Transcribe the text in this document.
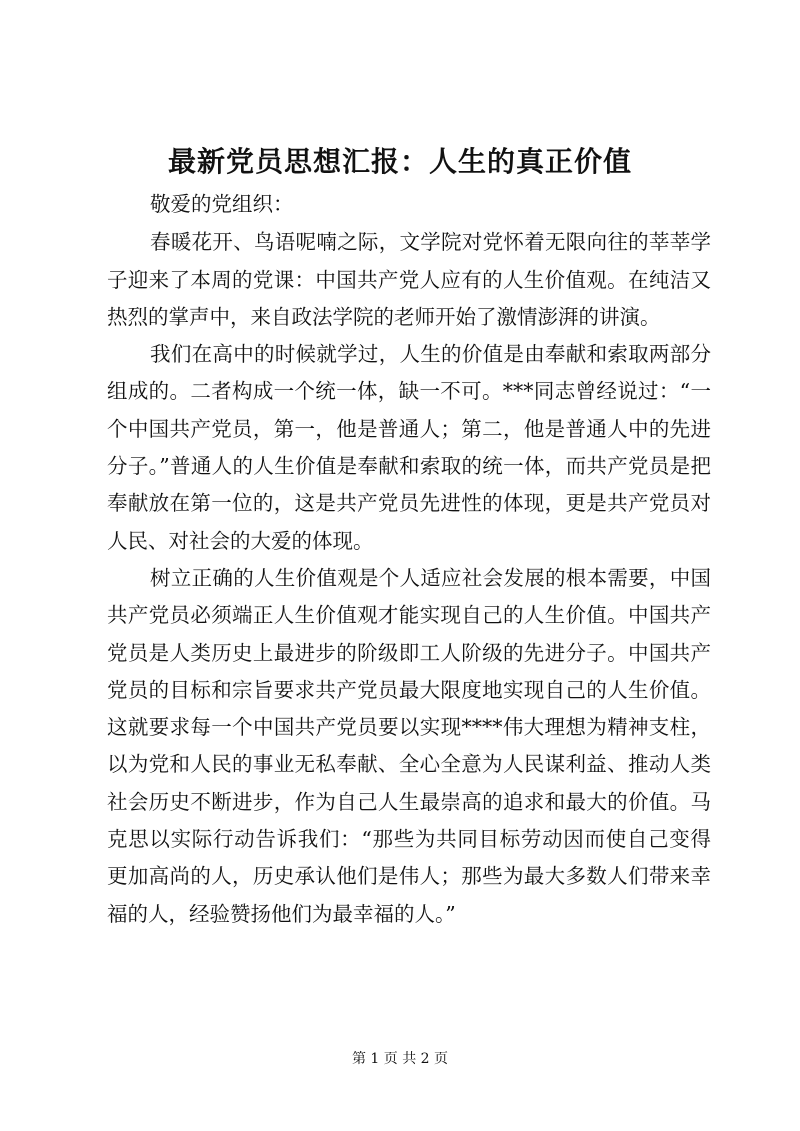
最新党员思想汇报：人生的真正价值

敬爱的党组织：

春暖花开、鸟语呢喃之际，文学院对党怀着无限向往的莘莘学子迎来了本周的党课：中国共产党人应有的人生价值观。在纯洁又热烈的掌声中，来自政法学院的老师开始了激情澎湃的讲演。

我们在高中的时候就学过，人生的价值是由奉献和索取两部分组成的。二者构成一个统一体，缺一不可。***同志曾经说过：“一个中国共产党员，第一，他是普通人；第二，他是普通人中的先进分子。”普通人的人生价值是奉献和索取的统一体，而共产党员是把奉献放在第一位的，这是共产党员先进性的体现，更是共产党员对人民、对社会的大爱的体现。

树立正确的人生价值观是个人适应社会发展的根本需要，中国共产党员必须端正人生价值观才能实现自己的人生价值。中国共产党员是人类历史上最进步的阶级即工人阶级的先进分子。中国共产党员的目标和宗旨要求共产党员最大限度地实现自己的人生价值。这就要求每一个中国共产党员要以实现****伟大理想为精神支柱，以为党和人民的事业无私奉献、全心全意为人民谋利益、推动人类社会历史不断进步，作为自己人生最崇高的追求和最大的价值。马克思以实际行动告诉我们：“那些为共同目标劳动因而使自己变得更加高尚的人，历史承认他们是伟人；那些为最大多数人们带来幸福的人，经验赞扬他们为最幸福的人。”

第 1 页 共 2 页
